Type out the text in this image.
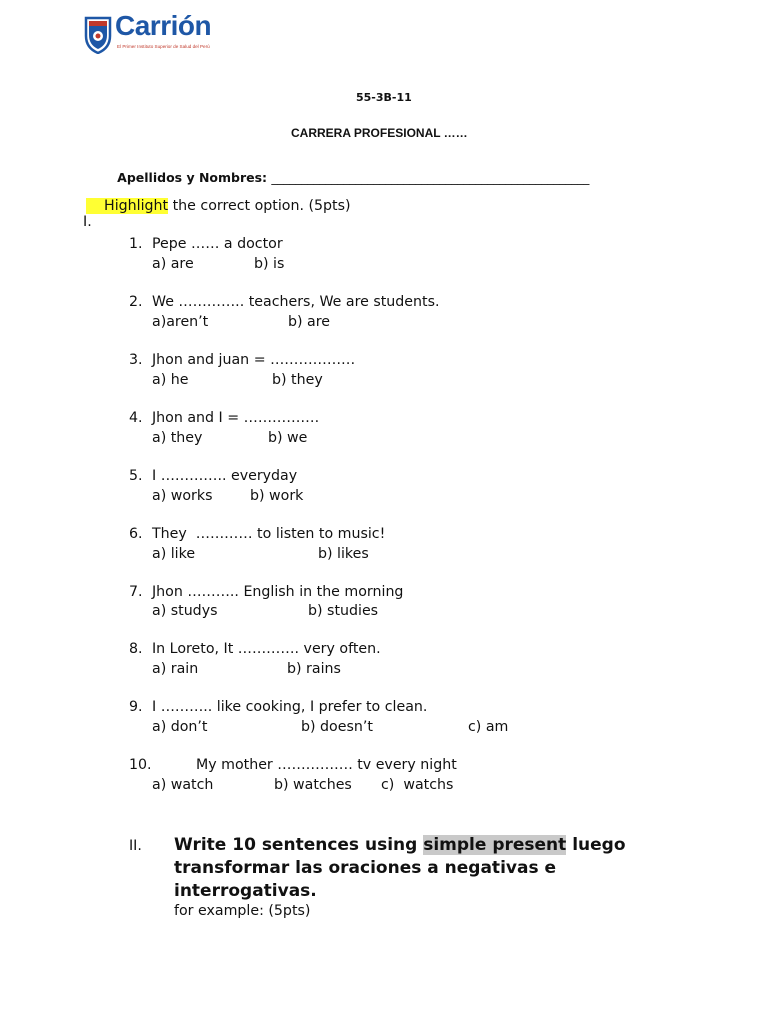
Carrión
El Primer Instituto Superior de Salud del Perú
55-3B-11
CARRERA PROFESIONAL ……

Apellidos y Nombres: _____________________________________________________

I.

Highlight the correct option. (5pts)
1. Pepe …… a doctor
a) are	b) is
2. We ………….. teachers, We are students.
a)aren’t	b) are
3. Jhon and juan = ………………
a) he	b) they
4. Jhon and I = …………….
a) they	b) we
5. I ………….. everyday
a) works	b) work
6. They  ………… to listen to music!
a) like	b) likes
7. Jhon ……….. English in the morning
a) studys	b) studies
8. In Loreto, It …………. very often.
a) rain	b) rains
9. I ……….. like cooking, I prefer to clean.
a) don’t	b) doesn’t	c) am
10.	My mother ……………. tv every night
a) watch	b) watches c)  watchs
II. Write 10 sentences using simple present luego
transformar las oraciones a negativas e
interrogativas.
for example: (5pts)
